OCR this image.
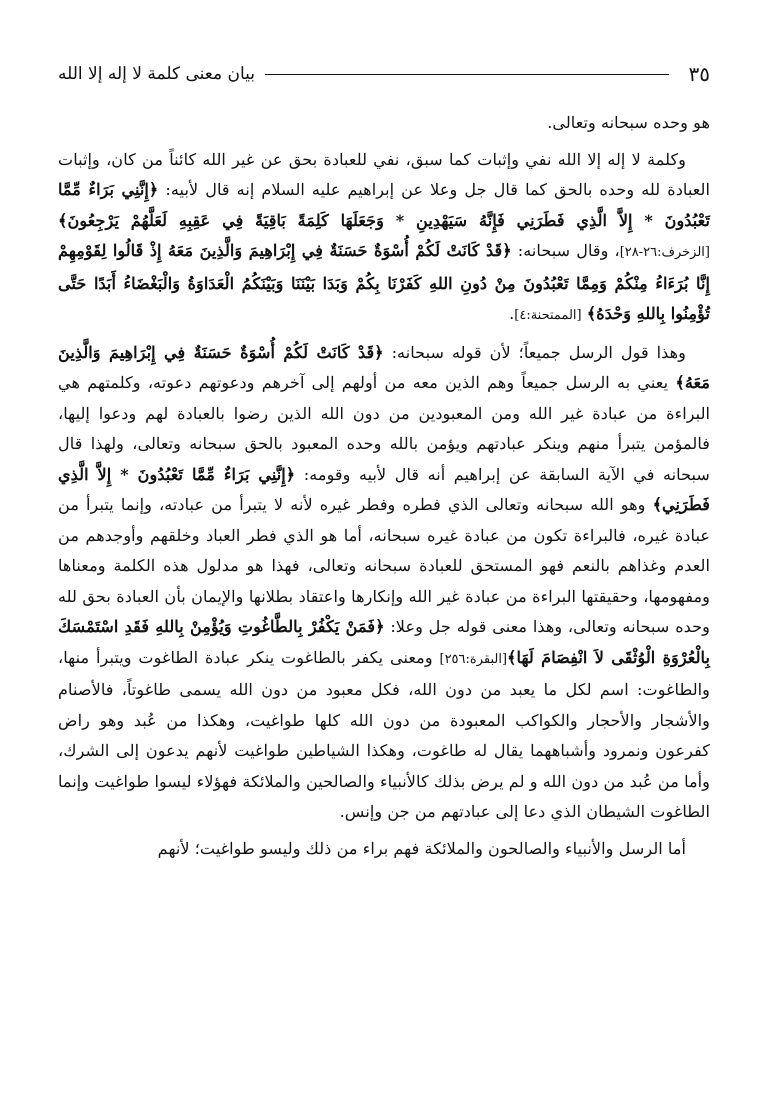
٣٥
بيان معنى كلمة لا إله إلا الله

هو وحده سبحانه وتعالى.

وكلمة لا إله إلا الله نفي وإثبات كما سبق، نفي للعبادة بحق عن غير الله كائناً من كان، وإثبات العبادة لله وحده بالحق كما قال جل وعلا عن إبراهيم عليه السلام إنه قال لأبيه: ﴿إِنَّنِي بَرَاءٌ مِّمَّا تَعْبُدُونَ * إِلاَّ الَّذِي فَطَرَنِي فَإِنَّهُ سَيَهْدِينِ * وَجَعَلَهَا كَلِمَةً بَاقِيَةً فِي عَقِبِهِ لَعَلَّهُمْ يَرْجِعُونَ﴾[الزخرف:٢٦-٢٨]، وقال سبحانه: ﴿قَدْ كَانَتْ لَكُمْ أُسْوَةٌ حَسَنَةٌ فِي إِبْرَاهِيمَ وَالَّذِينَ مَعَهُ إِذْ قَالُوا لِقَوْمِهِمْ إِنَّا بُرَءَاءُ مِنْكُمْ وَمِمَّا تَعْبُدُونَ مِنْ دُونِ اللهِ كَفَرْنَا بِكُمْ وَبَدَا بَيْنَنَا وَبَيْنَكُمُ الْعَدَاوَةُ وَالْبَغْضَاءُ أَبَدًا حَتَّى تُؤْمِنُوا بِاللهِ وَحْدَهُ﴾ [الممتحنة:٤].

وهذا قول الرسل جميعاً؛ لأن قوله سبحانه: ﴿قَدْ كَانَتْ لَكُمْ أُسْوَةٌ حَسَنَةٌ فِي إِبْرَاهِيمَ وَالَّذِينَ مَعَهُ﴾ يعني به الرسل جميعاً وهم الذين معه من أولهم إلى آخرهم ودعوتهم دعوته، وكلمتهم هي البراءة من عبادة غير الله ومن المعبودين من دون الله الذين رضوا بالعبادة لهم ودعوا إليها، فالمؤمن يتبرأ منهم وينكر عبادتهم ويؤمن بالله وحده المعبود بالحق سبحانه وتعالى، ولهذا قال سبحانه في الآية السابقة عن إبراهيم أنه قال لأبيه وقومه: ﴿إِنَّنِي بَرَاءٌ مِّمَّا تَعْبُدُونَ * إِلاَّ الَّذِي فَطَرَنِي﴾ وهو الله سبحانه وتعالى الذي فطره وفطر غيره لأنه لا يتبرأ من عبادته، وإنما يتبرأ من عبادة غيره، فالبراءة تكون من عبادة غيره سبحانه، أما هو الذي فطر العباد وخلقهم وأوجدهم من العدم وغذاهم بالنعم فهو المستحق للعبادة سبحانه وتعالى، فهذا هو مدلول هذه الكلمة ومعناها ومفهومها، وحقيقتها البراءة من عبادة غير الله وإنكارها واعتقاد بطلانها والإيمان بأن العبادة بحق لله وحده سبحانه وتعالى، وهذا معنى قوله جل وعلا: ﴿فَمَنْ يَكْفُرْ بِالطَّاغُوتِ وَيُؤْمِنْ بِاللهِ فَقَدِ اسْتَمْسَكَ بِالْعُرْوَةِ الْوُثْقَى لاَ انْفِصَامَ لَهَا﴾[البقرة:٢٥٦] ومعنى يكفر بالطاغوت ينكر عبادة الطاغوت ويتبرأ منها، والطاغوت: اسم لكل ما يعبد من دون الله، فكل معبود من دون الله يسمى طاغوتاً، فالأصنام والأشجار والأحجار والكواكب المعبودة من دون الله كلها طواغيت، وهكذا من عُبد وهو راض كفرعون ونمرود وأشباههما يقال له طاغوت، وهكذا الشياطين طواغيت لأنهم يدعون إلى الشرك، وأما من عُبد من دون الله و لم يرض بذلك كالأنبياء والصالحين والملائكة فهؤلاء ليسوا طواغيت وإنما الطاغوت الشيطان الذي دعا إلى عبادتهم من جن وإنس.

أما الرسل والأنبياء والصالحون والملائكة فهم براء من ذلك وليسو طواغيت؛ لأنهم
